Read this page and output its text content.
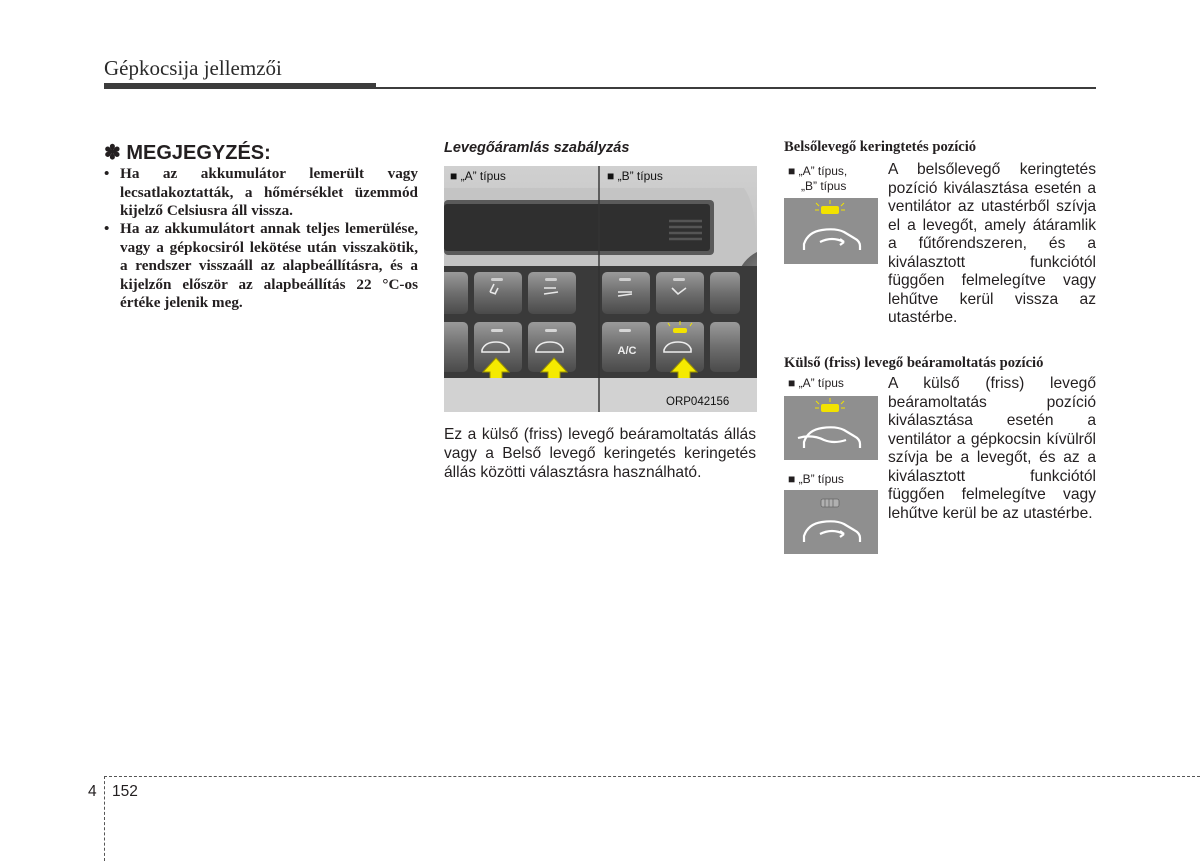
Gépkocsija jellemzői
✽ MEGJEGYZÉS:
• Ha az akkumulátor lemerült vagy lecsatlakoztatták, a hőmérséklet üzemmód kijelző Celsiusra áll vissza.
• Ha az akkumulátort annak teljes lemerülése, vagy a gépkocsiról lekötése után visszakötik, a rendszer visszaáll az alapbeállításra, és a kijelzőn először az alapbeállítás 22 °C-os értéke jelenik meg.
Levegőáramlás szabályzás
A/C
■ „A” típus	■ „B” típus
ORP042156
Ez a külső (friss) levegő beáramoltatás állás vagy a Belső levegő keringetés keringetés állás közötti választásra használható.
Belsőlevegő keringtetés pozíció
■ „A” típus,
„B” típus
A belsőlevegő keringtetés pozíció kiválasztása esetén a ventilátor az utastérből szívja el a levegőt, amely átáramlik a fűtőrendszeren, és a kiválasztott funkciótól függően felmelegítve vagy lehűtve kerül vissza az utastérbe.
Külső (friss) levegő beáramoltatás pozíció
■ „A” típus
■ „B” típus
A külső (friss) levegő beáramoltatás pozíció kiválasztása esetén a ventilátor a gépkocsin kívülről szívja be a levegőt, és az a kiválasztott funkciótól függően felmelegítve vagy lehűtve kerül be az utastérbe.
4 152
